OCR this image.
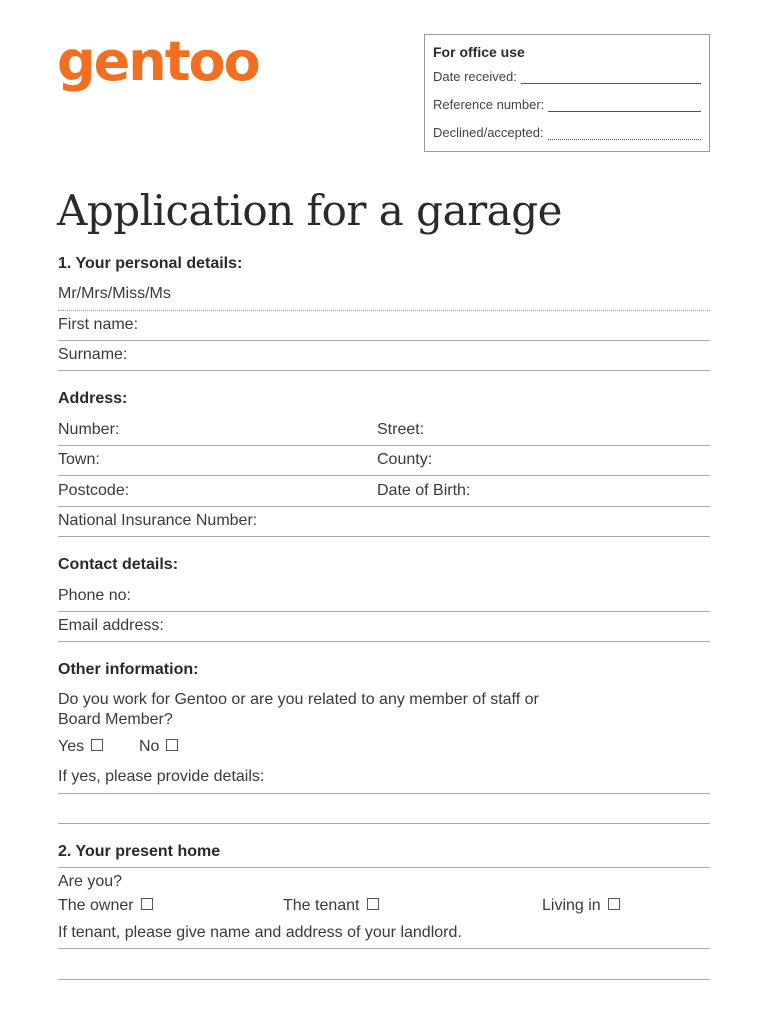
gentoo	For office use
Date received:
Reference number:
Declined/accepted:
Application for a garage
1. Your personal details:
Mr/Mrs/Miss/Ms
First name:
Surname:
Address:
Number:	Street:
Town:	County:
Postcode:	Date of Birth:
National Insurance Number:
Contact details:
Phone no:
Email address:
Other information:
Do you work for Gentoo or are you related to any member of staff or
Board Member?
Yes	No
If yes, please provide details:
2. Your present home
Are you?
The owner	The tenant	Living in
If tenant, please give name and address of your landlord.
